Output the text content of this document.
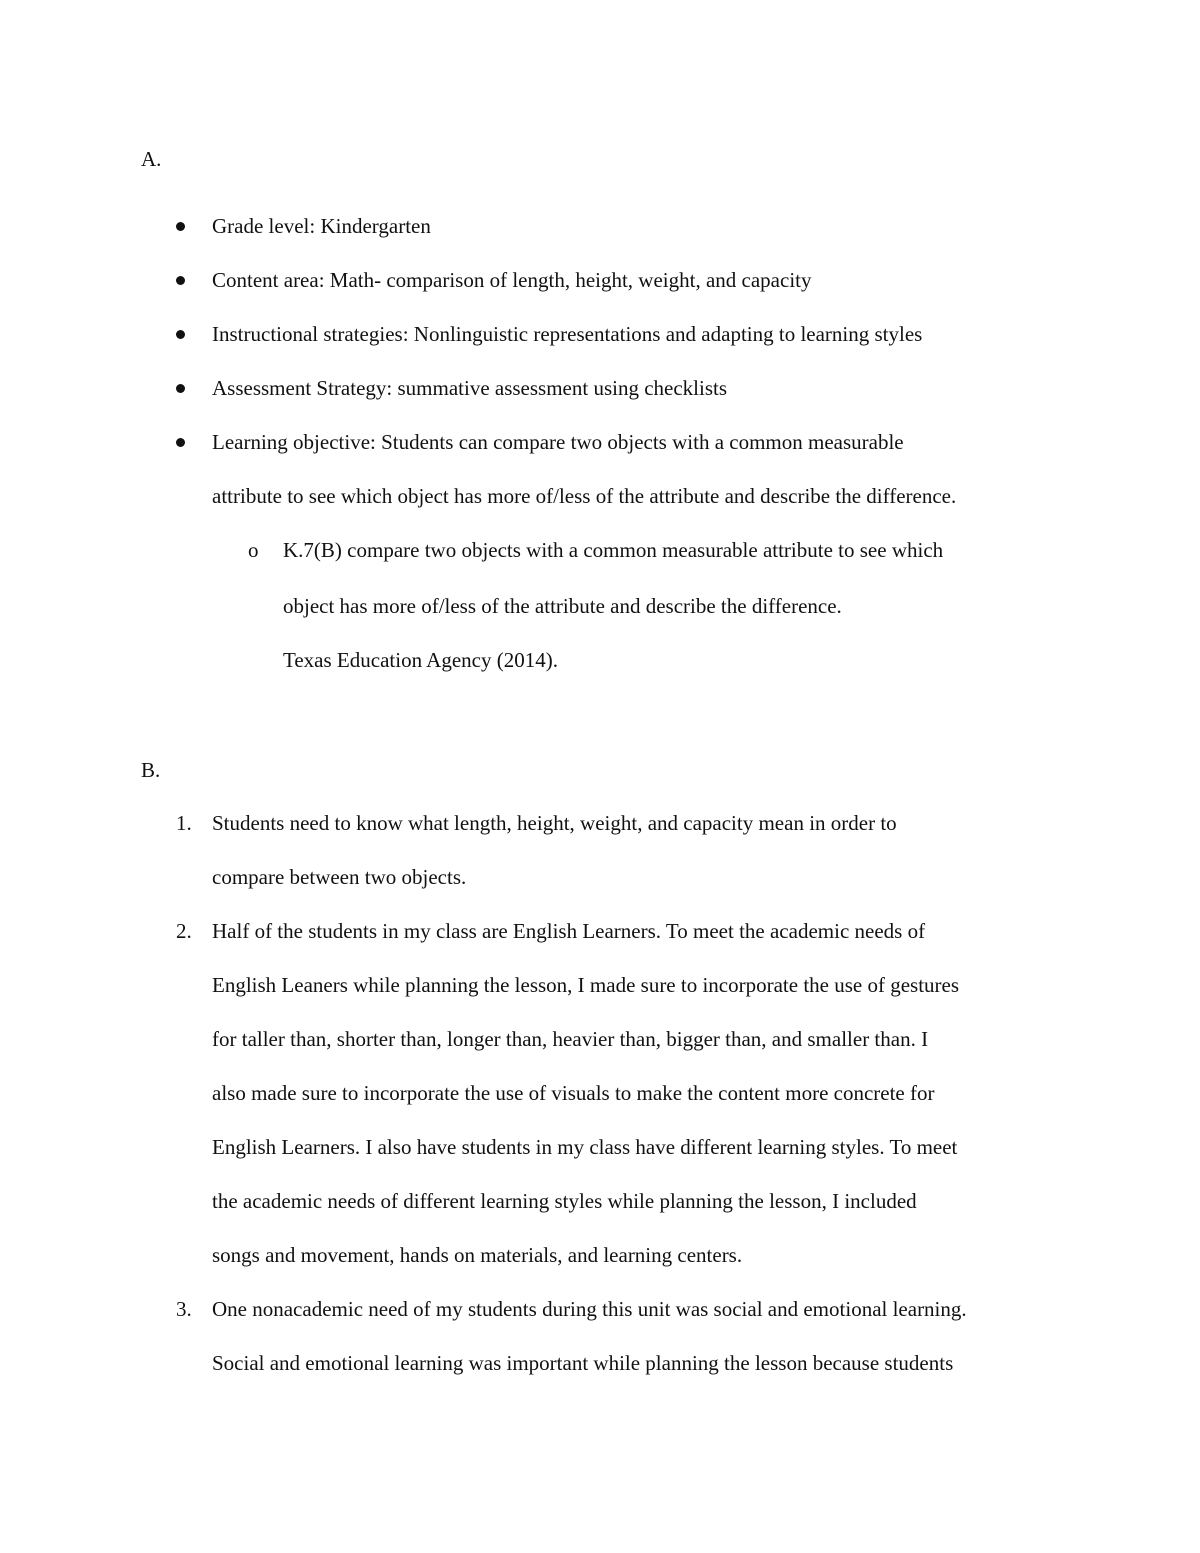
A.
Grade level: Kindergarten
Content area: Math- comparison of length, height, weight, and capacity
Instructional strategies: Nonlinguistic representations and adapting to learning styles
Assessment Strategy: summative assessment using checklists
Learning objective: Students can compare two objects with a common measurable
attribute to see which object has more of/less of the attribute and describe the difference.
o K.7(B) compare two objects with a common measurable attribute to see which
object has more of/less of the attribute and describe the difference.
Texas Education Agency (2014).
B.
1. Students need to know what length, height, weight, and capacity mean in order to
compare between two objects.
2. Half of the students in my class are English Learners. To meet the academic needs of
English Leaners while planning the lesson, I made sure to incorporate the use of gestures
for taller than, shorter than, longer than, heavier than, bigger than, and smaller than. I
also made sure to incorporate the use of visuals to make the content more concrete for
English Learners. I also have students in my class have different learning styles. To meet
the academic needs of different learning styles while planning the lesson, I included
songs and movement, hands on materials, and learning centers.
3. One nonacademic need of my students during this unit was social and emotional learning.
Social and emotional learning was important while planning the lesson because students
